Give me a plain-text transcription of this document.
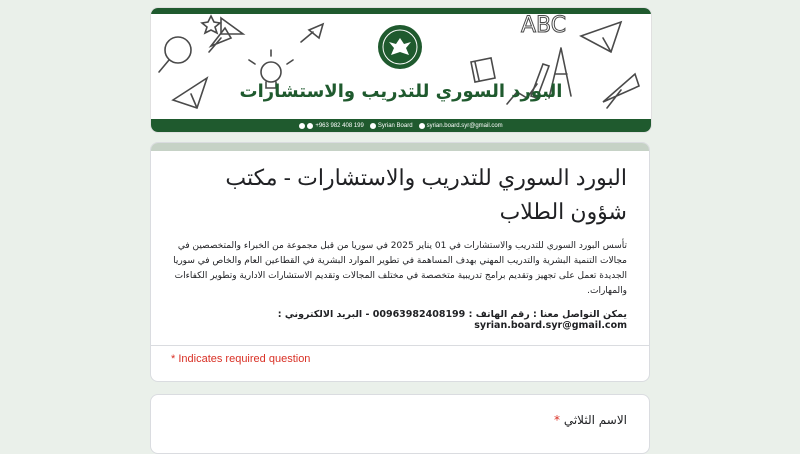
ABC
البورد السوري للتدريب والاستشارات
+963 982 408 199 Syrian Board syrian.board.syr@gmail.com
البورد السوري للتدريب والاستشارات - مكتب شؤون الطلاب
تأسس البورد السوري للتدريب والاستشارات في 01 يناير 2025 في سوريا من قبل مجموعة من الخبراء والمتخصصين في مجالات التنمية البشرية والتدريب المهني بهدف المساهمة في تطوير الموارد البشرية في القطاعين العام والخاص في سوريا الجديدة تعمل على تجهيز وتقديم برامج تدريبية متخصصة في مختلف المجالات وتقديم الاستشارات الادارية وتطوير الكفاءات والمهارات.
يمكن التواصل معنا : رقم الهاتف : 00963982408199 - البريد الالكتروني : syrian.board.syr@gmail.com
* Indicates required question
الاسم الثلاثي *
